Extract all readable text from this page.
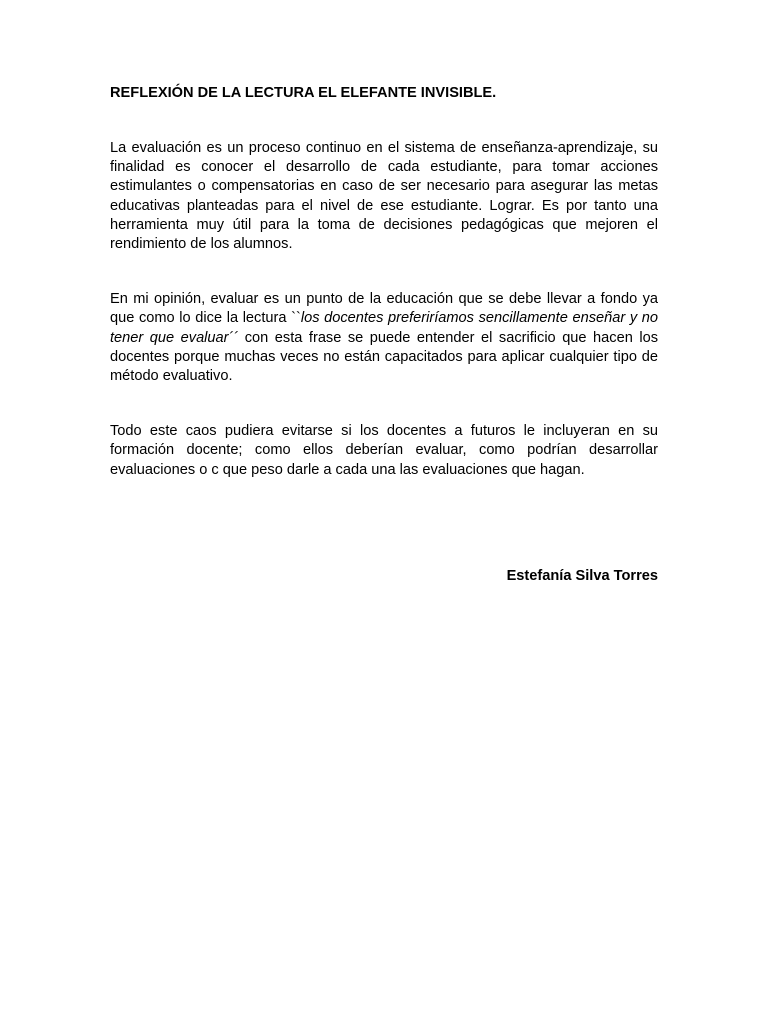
REFLEXIÓN DE LA LECTURA EL ELEFANTE INVISIBLE.

La evaluación es un proceso continuo en el sistema de enseñanza-aprendizaje, su finalidad es conocer el desarrollo de cada estudiante, para tomar acciones estimulantes o compensatorias en caso de ser necesario para asegurar las metas educativas planteadas para el nivel de ese estudiante. Lograr. Es por tanto una herramienta muy útil para la toma de decisiones pedagógicas que mejoren el rendimiento de los alumnos.

En mi opinión, evaluar es un punto de la educación que se debe llevar a fondo ya que como lo dice la lectura ``los docentes preferiríamos sencillamente enseñar y no tener que evaluar´´ con esta frase se puede entender el sacrificio que hacen los docentes porque muchas veces no están capacitados para aplicar cualquier tipo de método evaluativo.

Todo este caos pudiera evitarse si los docentes a futuros le incluyeran en su formación docente; como ellos deberían evaluar, como podrían desarrollar evaluaciones o c que peso darle a cada una las evaluaciones que hagan.

Estefanía Silva Torres
